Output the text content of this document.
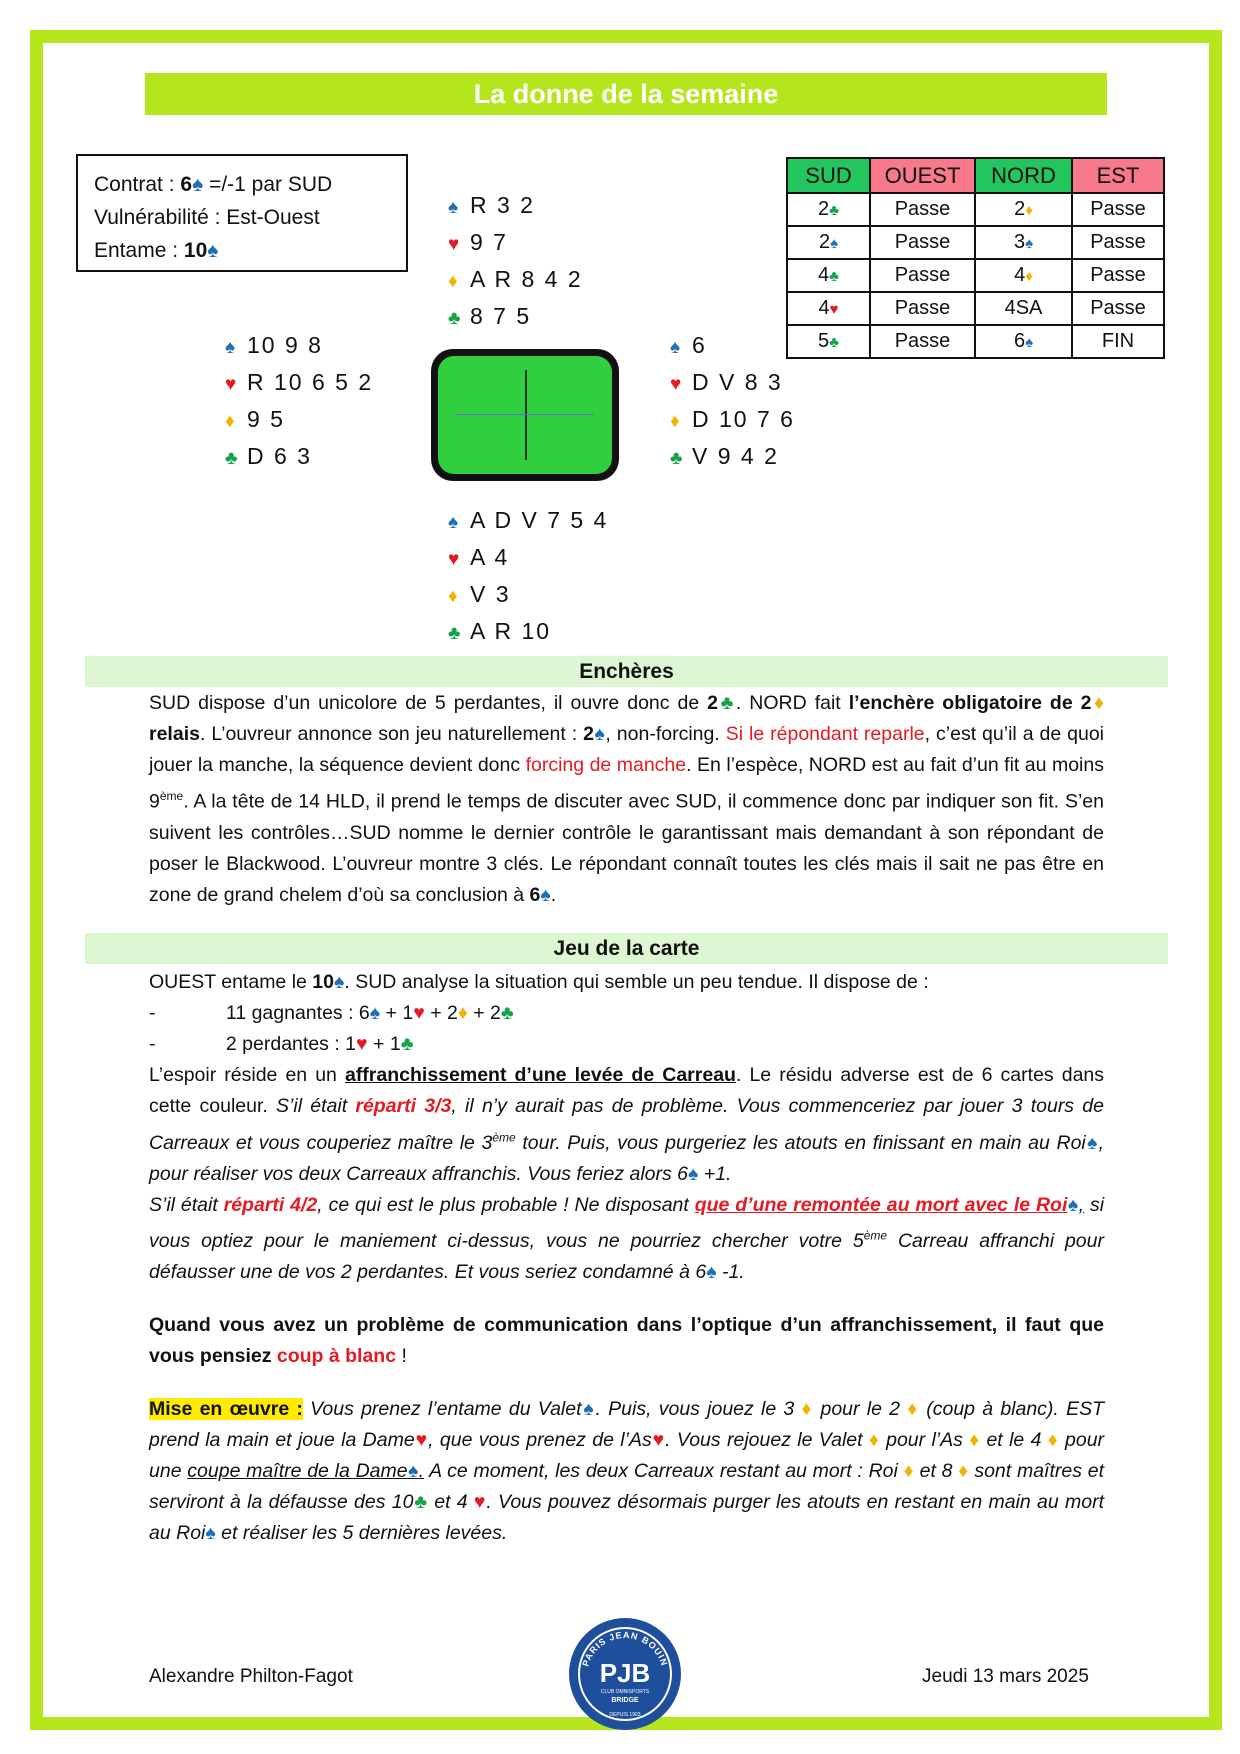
La donne de la semaine
Contrat : 6♠ =/-1 par SUD
Vulnérabilité : Est-Ouest
Entame : 10♠
♠ R 3 2
♥ 9 7
♦ A R 8 4 2
♣ 8 7 5
♠ 10 9 8
♥ R 10 6 5 2
♦ 9 5
♣ D 6 3
♠ 6
♥ D V 8 3
♦ D 10 7 6
♣ V 9 4 2
♠ A D V 7 5 4
♥ A 4
♦ V 3
♣ A R 10
SUD	OUEST	NORD	EST
2♣	Passe	2♦	Passe
2♠	Passe	3♠	Passe
4♣	Passe	4♦	Passe
4♥	Passe	4SA	Passe
5♣	Passe	6♠	FIN
Enchères
SUD dispose d’un unicolore de 5 perdantes, il ouvre donc de 2♣. NORD fait l’enchère obligatoire de 2♦ relais. L’ouvreur annonce son jeu naturellement : 2♠, non-forcing. Si le répondant reparle, c’est qu’il a de quoi jouer la manche, la séquence devient donc forcing de manche. En l’espèce, NORD est au fait d’un fit au moins 9ème. A la tête de 14 HLD, il prend le temps de discuter avec SUD, il commence donc par indiquer son fit. S’en suivent les contrôles…SUD nomme le dernier contrôle le garantissant mais demandant à son répondant de poser le Blackwood. L’ouvreur montre 3 clés. Le répondant connaît toutes les clés mais il sait ne pas être en zone de grand chelem d’où sa conclusion à 6♠.
Jeu de la carte
OUEST entame le 10♠. SUD analyse la situation qui semble un peu tendue. Il dispose de :
-             11 gagnantes : 6♠ + 1♥ + 2♦ + 2♣
-             2 perdantes : 1♥ + 1♣
L’espoir réside en un affranchissement d’une levée de Carreau. Le résidu adverse est de 6 cartes dans cette couleur. S’il était réparti 3/3, il n’y aurait pas de problème. Vous commenceriez par jouer 3 tours de Carreaux et vous couperiez maître le 3ème tour. Puis, vous purgeriez les atouts en finissant en main au Roi♠, pour réaliser vos deux Carreaux affranchis. Vous feriez alors 6♠ +1.
S’il était réparti 4/2, ce qui est le plus probable ! Ne disposant que d’une remontée au mort avec le Roi♠, si vous optiez pour le maniement ci-dessus, vous ne pourriez chercher votre 5ème Carreau affranchi pour défausser une de vos 2 perdantes. Et vous seriez condamné à 6♠ -1.
Quand vous avez un problème de communication dans l’optique d’un affranchissement, il faut que vous pensiez coup à blanc !
Mise en œuvre : Vous prenez l’entame du Valet♠. Puis, vous jouez le 3 ♦ pour le 2 ♦ (coup à blanc). EST prend la main et joue la Dame♥, que vous prenez de l’As♥. Vous rejouez le Valet ♦ pour l’As ♦ et le 4 ♦ pour une coupe maître de la Dame♠. A ce moment, les deux Carreaux restant au mort : Roi ♦ et 8 ♦ sont maîtres et serviront à la défausse des 10♣ et 4 ♥. Vous pouvez désormais purger les atouts en restant en main au mort au Roi♠ et réaliser les 5 dernières levées.
Alexandre Philton-Fagot	Jeudi 13 mars 2025
PARIS JEAN BOUIN
PJB
CLUB OMNISPORTS
BRIDGE
DEPUIS 1903
